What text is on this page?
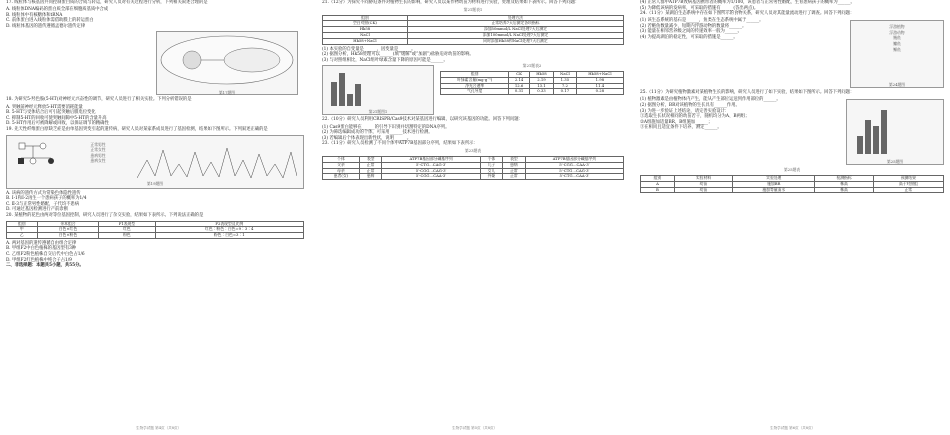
17. 线粒体与核基因共同控制蛋白质的合成与转运，研究人员对有关过程进行分析，下列相关叙述合理的是

A. 线粒体DNA编码的蛋白质全部在细胞质基质中合成
B. 线粒体中有核糖体和tRNA
C. 前体蛋白进入线粒体需借助膜上的转运蛋白
D. 线粒体基因的遗传遵循孟德尔遗传定律
第17题图

18. 为研究5-羟色胺(5-HT)对神经元兴奋性的调节，研究人员进行了相关实验。下列分析错误的是

A. 突触前神经元释放5-HT需要消耗能量
B. 5-HT与受体结合后可引起突触后膜电位变化
C. 抑制5-HT的回收可使突触间隙中5-HT的含量升高
D. 5-HT作用后可被降解或回收，以保证调节的精确性

19. 先天性纤维蛋白原缺乏症是由单基因突变引起的遗传病，研究人员对某家系成员进行了基因检测，结果如下图所示。下列叙述正确的是

正常男性
正常女性
患病男性
患病女性
第19题图
A. 该病的遗传方式为常染色体隐性遗传
B. Ⅰ-1和Ⅰ-2再生一个患病孩子的概率为1/4
C. Ⅱ-3与正常男性婚配，子代均不患病
D. 可通过基因检测进行产前诊断

20. 某植物的花色由两对等位基因控制，研究人员进行了杂交实验，结果如下表所示。下列说法正确的是

组别	亲本组合	F1表现型	F2表现型及比例
甲	白色×红色	红色	红色∶粉色∶白色=9∶3∶4
乙	白色×粉色	粉色	粉色∶白色=3∶1
A. 两对基因的遗传遵循自由组合定律
B. 甲组F2中白色植株的基因型有3种
C. 乙组F2粉色植株自交后代中白色占1/6
D. 甲组F2红色植株中纯合子占1/9

二、非选择题：本题共5小题，共55分。

生物学试题 第4页（共8页）

21.（12分）为探究不同胁迫条件对植物生长的影响，研究人员以某作物幼苗为材料进行实验，处理及结果如下表所示。回答下列问题：

第21题表1
组别	处理方法
空白对照(CK)	正常培养7天后测定各项指标
Hk58	添加50mmol/L NaCl处理7天后测定
NaCl	添加100mmol/L NaCl处理7天后测定
Hk58+NaCl	同时添加Hk58和NaCl处理7天后测定
(1) 本实验的自变量是______，因变量是______。
(2) 据图分析，Hk58处理可以______(填“缓解”或“加剧”)盐胁迫对幼苗的影响。
(3) 与对照组相比，NaCl组叶绿素含量下降的原因可能是______。
第21题图1
第21题表2
组别	CK	Hk58	NaCl	Hk58+NaCl
叶绿素含量(mg·g⁻¹)	2.14	2.19	1.35	1.98
净光合速率	12.6	13.1	7.2	11.4
气孔导度	0.31	0.33	0.17	0.28

22.（10分）研究人员利用CRISPR/Cas9技术对某基因进行编辑，以研究该基因的功能。回答下列问题：

(1) Cas9蛋白能够在______的引导下识别并切割特定的DNA序列。
(2) 为筛选编辑成功的个体，可采用______技术进行检测。
(3) 若编辑后个体表现出新性状，说明______。

23.（11分）研究人员检测了不同个体中ATP7B基因部分序列，结果如下表所示：

第23题表
个体	表型	ATP7B基因部分碱基序列	个体	表型	ATP7B基因部分碱基序列
父亲	正常	5′-CTG…CAG-3′	儿子	患病	5′-CGG…CAA-3′
母亲	正常	5′-CGG…CAG-3′	女儿	正常	5′-CTG…CAG-3′
患者(女)	患病	5′-CGG…CAA-3′	外婆	正常	5′-CTG…CAA-3′
生物学试题 第5页（共8页）
(4) 正常人群中ATP7B致病基因携带者的概率为1/100，该患者与正常男性婚配，生育患病孩子的概率为______。
(5) 为降低该病的发病率，可采取的措施有______(答出两点)。

24.（11分）某湖泊生态系统中存在如下图所示的食物关系，研究人员对其能量流动进行了调查。回答下列问题：

(1) 该生态系统的基石是______，鱼类在生态系统中属于______。
(2) 若鲢鱼数量减少，短期内浮游动物的数量将______。
(3) 能量在相邻营养级之间的传递效率一般为______。
(4) 为提高湖泊的稳定性，可采取的措施是______。
浮游植物
浮游动物
鲢鱼
鳙鱼
鳜鱼
第24题图

25.（11分）为研究植物激素对某植物生长的影响，研究人员进行了如下实验，结果如下图所示。回答下列问题：

(1) 植物激素是由植物体内产生，能从产生部位运送到作用部位的______。
(2) 据图分析，BR对该植物的生长具有______作用。
(3) 为进一步验证上述结论，请完善实验设计：
①选取生长状况相同的幼苗若干，随机均分为A、B两组；
②A组施加适量BR，B组施加______；
③在相同且适宜条件下培养，测定______。
第25题图
第25题表
组别	实验材料	实验处理	检测指标	预测结果
A	幼苗	施加BR	株高	高于对照组
B	幼苗	施加等量清水	株高	正常
生物学试题 第6页（共8页）
